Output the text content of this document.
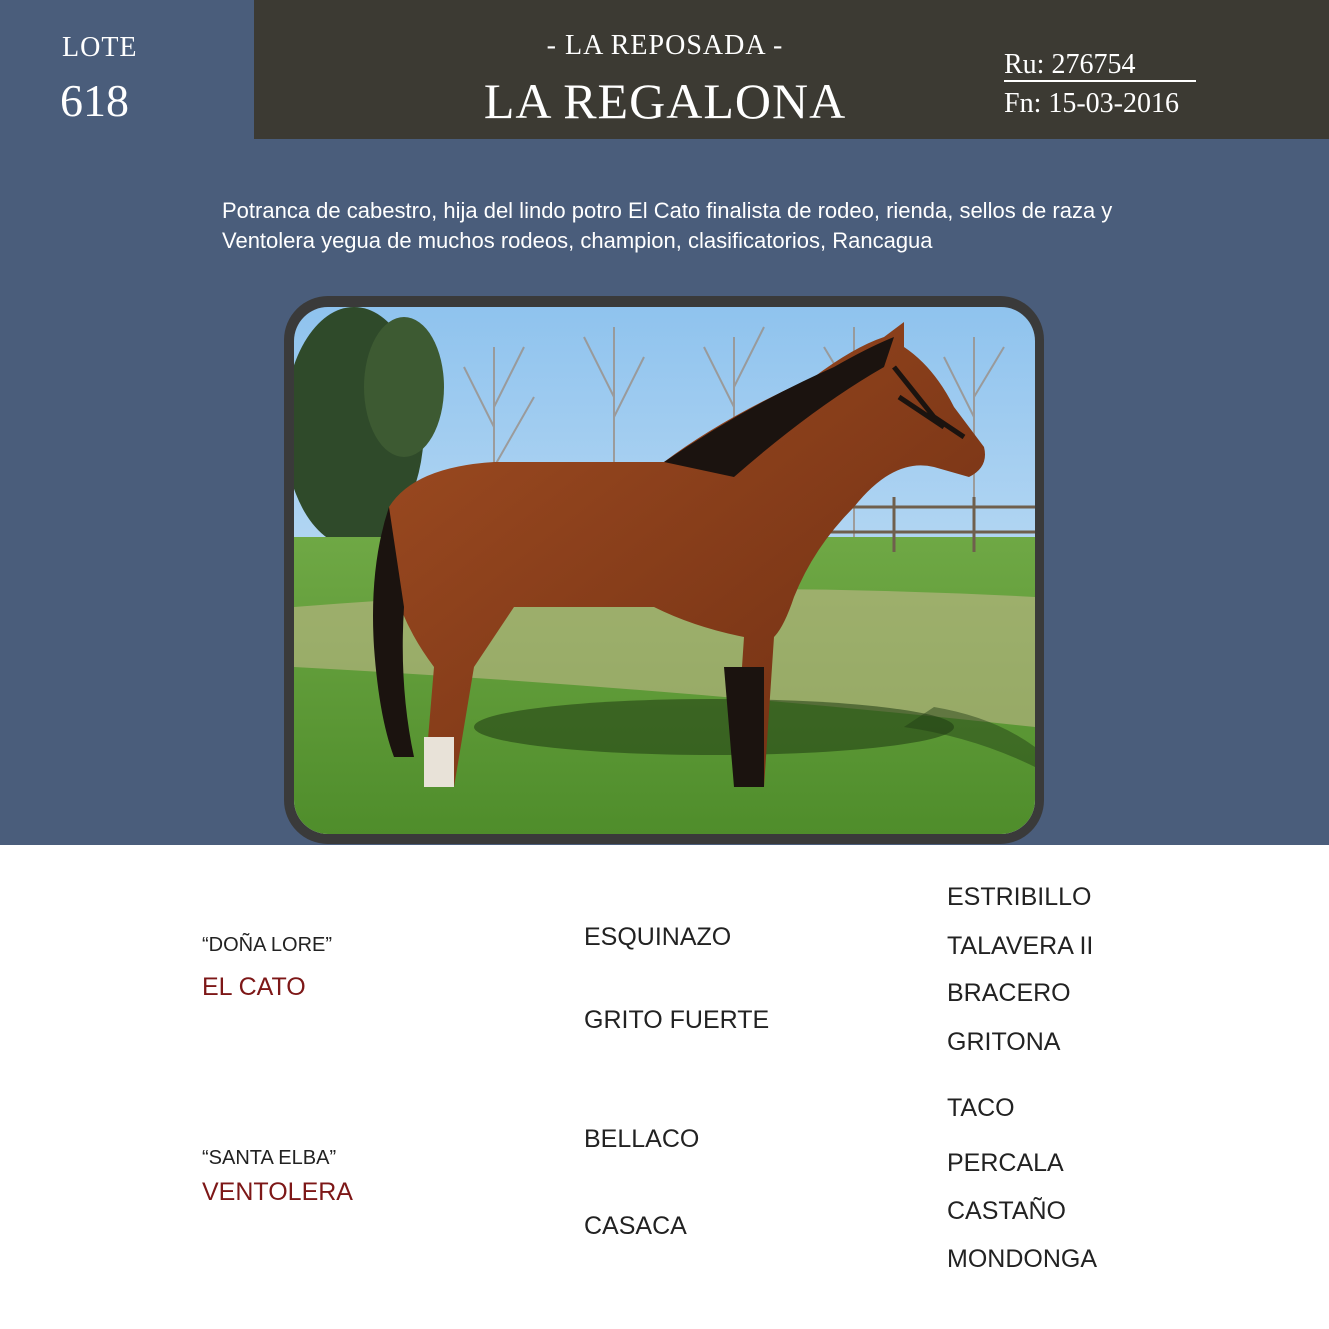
LOTE
618
- LA REPOSADA -
LA REGALONA
Ru: 276754
Fn: 15-03-2016
Potranca de cabestro, hija del lindo potro El Cato finalista de rodeo, rienda, sellos de raza y Ventolera yegua de muchos rodeos, champion, clasificatorios, Rancagua
“DOÑA LORE”
EL CATO
“SANTA ELBA”
VENTOLERA
ESQUINAZO
GRITO FUERTE
BELLACO
CASACA
ESTRIBILLO
TALAVERA II
BRACERO
GRITONA
TACO
PERCALA
CASTAÑO
MONDONGA
